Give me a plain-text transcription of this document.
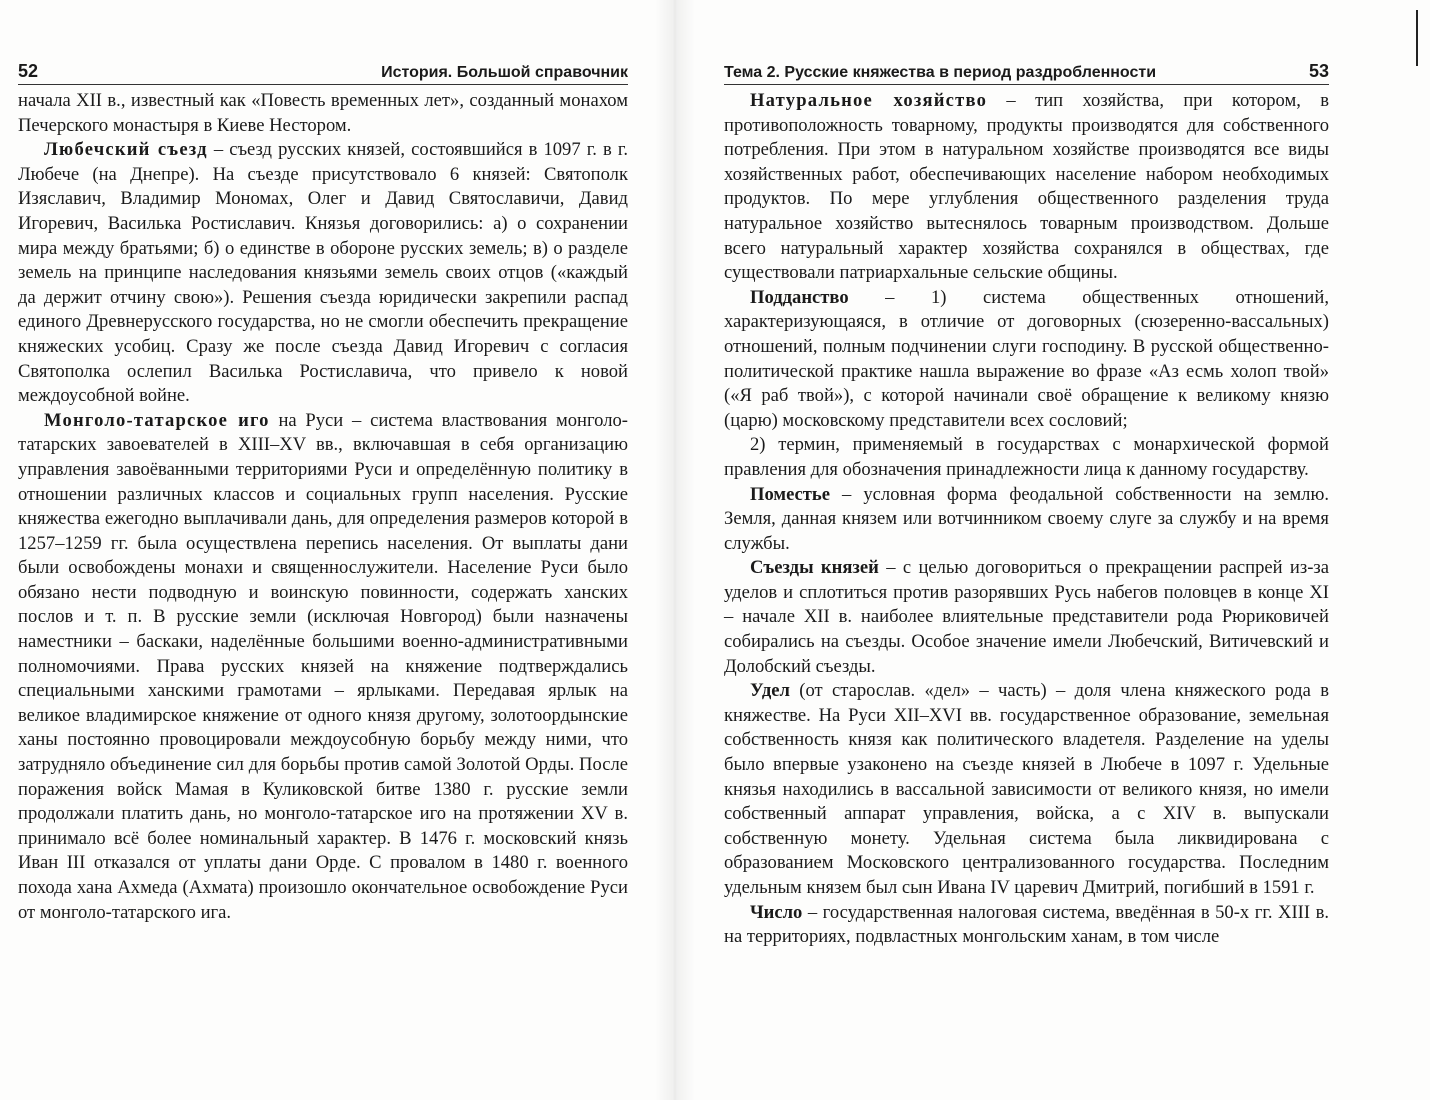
52	История. Большой справочник

начала XII в., известный как «Повесть временных лет», созданный монахом Печерского монастыря в Киеве Нестором.

Любечский съезд – съезд русских князей, состоявшийся в 1097 г. в г. Любече (на Днепре). На съезде присутствовало 6 князей: Святополк Изяславич, Владимир Мономах, Олег и Давид Святославичи, Давид Игоревич, Василька Ростиславич. Князья договорились: а) о сохранении мира между братьями; б) о единстве в обороне русских земель; в) о разделе земель на принципе наследования князьями земель своих отцов («каждый да держит отчину свою»). Решения съезда юридически закрепили распад единого Древнерусского государства, но не смогли обеспечить прекращение княжеских усобиц. Сразу же после съезда Давид Игоревич с согласия Святополка ослепил Василька Ростиславича, что привело к новой междоусобной войне.

Монголо-татарское иго на Руси – система властвования монголо-татарских завоевателей в XIII–XV вв., включавшая в себя организацию управления завоёванными территориями Руси и определённую политику в отношении различных классов и социальных групп населения. Русские княжества ежегодно выплачивали дань, для определения размеров которой в 1257–1259 гг. была осуществлена перепись населения. От выплаты дани были освобождены монахи и священнослужители. Население Руси было обязано нести подводную и воинскую повинности, содержать ханских послов и т. п. В русские земли (исключая Новгород) были назначены наместники – баскаки, наделённые большими военно-административными полномочиями. Права русских князей на княжение подтверждались специальными ханскими грамотами – ярлыками. Передавая ярлык на великое владимирское княжение от одного князя другому, золотоордынские ханы постоянно провоцировали междоусобную борьбу между ними, что затрудняло объединение сил для борьбы против самой Золотой Орды. После поражения войск Мамая в Куликовской битве 1380 г. русские земли продолжали платить дань, но монголо-татарское иго на протяжении XV в. принимало всё более номинальный характер. В 1476 г. московский князь Иван III отказался от уплаты дани Орде. С провалом в 1480 г. военного похода хана Ахмеда (Ахмата) произошло окончательное освобождение Руси от монголо-татарского ига.

Тема 2. Русские княжества в период раздробленности	53

Натуральное хозяйство – тип хозяйства, при котором, в противоположность товарному, продукты производятся для собственного потребления. При этом в натуральном хозяйстве производятся все виды хозяйственных работ, обеспечивающих население набором необходимых продуктов. По мере углубления общественного разделения труда натуральное хозяйство вытеснялось товарным производством. Дольше всего натуральный характер хозяйства сохранялся в обществах, где существовали патриархальные сельские общины.

Подданство – 1) система общественных отношений, характеризующаяся, в отличие от договорных (сюзеренно-вассальных) отношений, полным подчинении слуги господину. В русской общественно-политической практике нашла выражение во фразе «Аз есмь холоп твой» («Я раб твой»), с которой начинали своё обращение к великому князю (царю) московскому представители всех сословий;

2) термин, применяемый в государствах с монархической формой правления для обозначения принадлежности лица к данному государству.

Поместье – условная форма феодальной собственности на землю. Земля, данная князем или вотчинником своему слуге за службу и на время службы.

Съезды князей – с целью договориться о прекращении распрей из-за уделов и сплотиться против разорявших Русь набегов половцев в конце XI – начале XII в. наиболее влиятельные представители рода Рюриковичей собирались на съезды. Особое значение имели Любечский, Витичевский и Долобский съезды.

Удел (от старослав. «дел» – часть) – доля члена княжеского рода в княжестве. На Руси XII–XVI вв. государственное образование, земельная собственность князя как политического владетеля. Разделение на уделы было впервые узаконено на съезде князей в Любече в 1097 г. Удельные князья находились в вассальной зависимости от великого князя, но имели собственный аппарат управления, войска, а с XIV в. выпускали собственную монету. Удельная система была ликвидирована с образованием Московского централизованного государства. Последним удельным князем был сын Ивана IV царевич Дмитрий, погибший в 1591 г.

Число – государственная налоговая система, введённая в 50-х гг. XIII в. на территориях, подвластных монгольским ханам, в том числе
